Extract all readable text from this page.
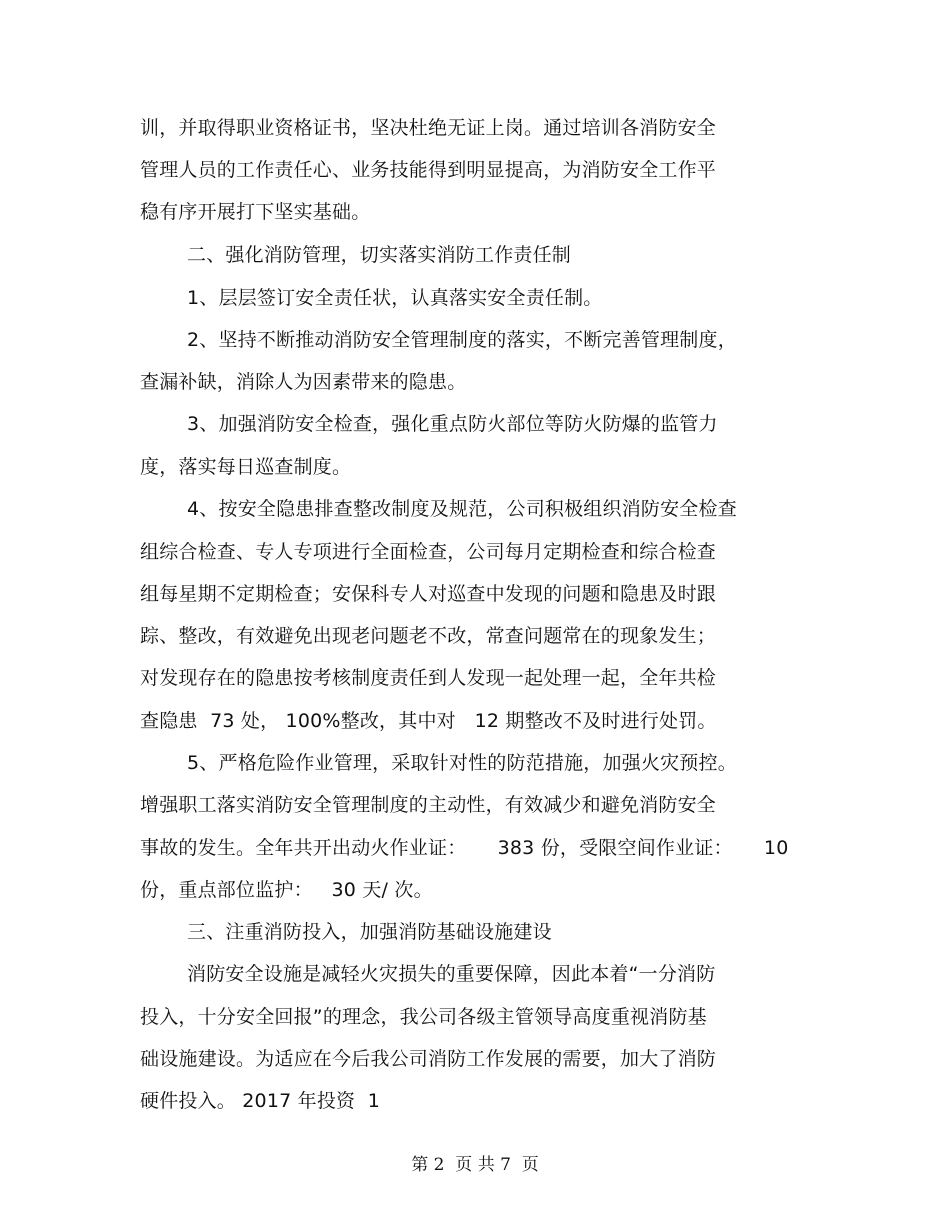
训，并取得职业资格证书，坚决杜绝无证上岗。通过培训各消防安全
管理人员的工作责任心、业务技能得到明显提高，为消防安全工作平
稳有序开展打下坚实基础。
二、强化消防管理，切实落实消防工作责任制
1、层层签订安全责任状，认真落实安全责任制。
2、坚持不断推动消防安全管理制度的落实，不断完善管理制度，
查漏补缺，消除人为因素带来的隐患。
3、加强消防安全检查，强化重点防火部位等防火防爆的监管力
度，落实每日巡查制度。
4、按安全隐患排查整改制度及规范，公司积极组织消防安全检查
组综合检查、专人专项进行全面检查，公司每月定期检查和综合检查
组每星期不定期检查；安保科专人对巡查中发现的问题和隐患及时跟
踪、整改，有效避免出现老问题老不改，常查问题常在的现象发生；
对发现存在的隐患按考核制度责任到人发现一起处理一起，全年共检
查隐患  73 处， 100%整改，其中对   12 期整改不及时进行处罚。
5、严格危险作业管理，采取针对性的防范措施，加强火灾预控。
增强职工落实消防安全管理制度的主动性，有效减少和避免消防安全
事故的发生。全年共开出动火作业证：     383 份，受限空间作业证：     10
份，重点部位监护：   30 天/ 次。
三、注重消防投入，加强消防基础设施建设
消防安全设施是减轻火灾损失的重要保障，因此本着“一分消防
投入，十分安全回报”的理念，我公司各级主管领导高度重视消防基
础设施建设。为适应在今后我公司消防工作发展的需要，加大了消防
硬件投入。 2017 年投资  1
第 2  页 共 7  页
